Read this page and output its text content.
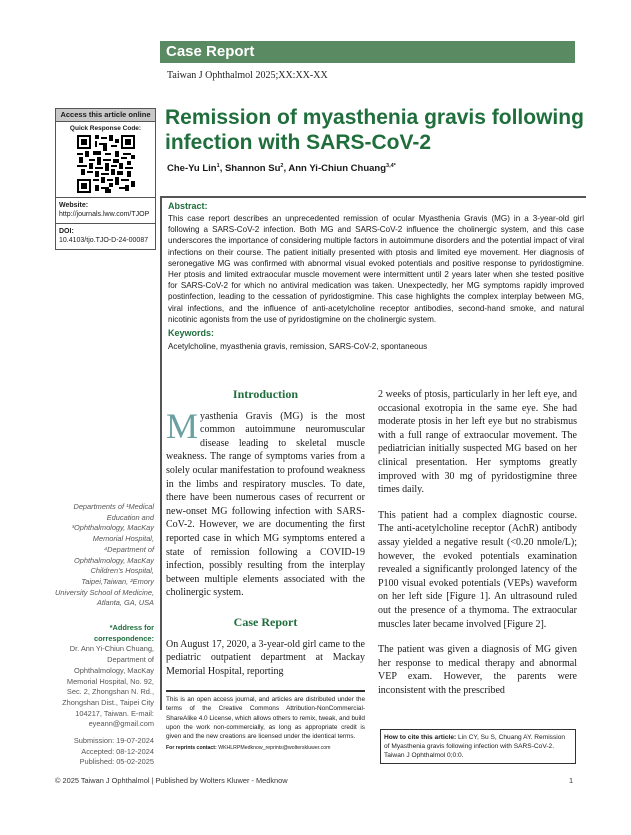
Case Report
Taiwan J Ophthalmol 2025;XX:XX-XX
Access this article online
Quick Response Code:
Website:
http://journals.lww.com/TJOP
DOI:
10.4103/tjo.TJO-D-24-00087
Remission of myasthenia gravis following infection with SARS-CoV-2
Che-Yu Lin$^1$, Shannon Su$^2$, Ann Yi-Chiun Chuang$^{3,4*}$
Abstract:
This case report describes an unprecedented remission of ocular Myasthenia Gravis (MG) in a 3-year-old girl following a SARS-CoV-2 infection. Both MG and SARS-CoV-2 influence the cholinergic system, and this case underscores the importance of considering multiple factors in autoimmune disorders and the potential impact of viral infections on their course. The patient initially presented with ptosis and limited eye movement. Her diagnosis of seronegative MG was confirmed with abnormal visual evoked potentials and positive response to pyridostigmine. Her ptosis and limited extraocular muscle movement were intermittent until 2 years later when she tested positive for SARS-CoV-2 for which no antiviral medication was taken. Unexpectedly, her MG symptoms rapidly improved postinfection, leading to the cessation of pyridostigmine. This case highlights the complex interplay between MG, viral infections, and the influence of anti-acetylcholine receptor antibodies, second-hand smoke, and natural nicotinic agonists from the use of pyridostigmine on the cholinergic system.
Keywords:
Acetylcholine, myasthenia gravis, remission, SARS-CoV-2, spontaneous
Introduction
Myasthenia Gravis (MG) is the most common autoimmune neuromuscular disease leading to skeletal muscle weakness. The range of symptoms varies from a solely ocular manifestation to profound weakness in the limbs and respiratory muscles. To date, there have been numerous cases of recurrent or new-onset MG following infection with SARS-CoV-2. However, we are documenting the first reported case in which MG symptoms entered a state of remission following a COVID-19 infection, possibly resulting from the interplay between multiple elements associated with the cholinergic system.
Case Report
On August 17, 2020, a 3-year-old girl came to the pediatric outpatient department at Mackay Memorial Hospital, reporting
2 weeks of ptosis, particularly in her left eye, and occasional exotropia in the same eye. She had moderate ptosis in her left eye but no strabismus with a full range of extraocular movement. The pediatrician initially suspected MG based on her clinical presentation. Her symptoms greatly improved with 30 mg of pyridostigmine three times daily.
This patient had a complex diagnostic course. The anti-acetylcholine receptor (AchR) antibody assay yielded a negative result (<0.20 nmole/L); however, the evoked potentials examination revealed a significantly prolonged latency of the P100 visual evoked potentials (VEPs) waveform on her left side [Figure 1]. An ultrasound ruled out the presence of a thymoma. The extraocular muscles later became involved [Figure 2].
The patient was given a diagnosis of MG given her response to medical therapy and abnormal VEP exam. However, the parents were inconsistent with the prescribed
This is an open access journal, and articles are distributed under the terms of the Creative Commons Attribution-NonCommercial-ShareAlike 4.0 License, which allows others to remix, tweak, and build upon the work non-commercially, as long as appropriate credit is given and the new creations are licensed under the identical terms.
For reprints contact: WKHLRPMedknow_reprints@wolterskluwer.com
How to cite this article: Lin CY, Su S, Chuang AY. Remission of Myasthenia gravis following infection with SARS-CoV-2. Taiwan J Ophthalmol 0;0:0.
Departments of ¹Medical Education and ³Ophthalmology, MacKay Memorial Hospital, ⁴Department of Ophthalmology, MacKay Children's Hospital, Taipei,Taiwan, ²Emory University School of Medicine, Atlanta, GA, USA
*Address for correspondence:
Dr. Ann Yi-Chiun Chuang, Department of Ophthalmology, MacKay Memorial Hospital, No. 92, Sec. 2, Zhongshan N. Rd., Zhongshan Dist., Taipei City 104217, Taiwan. E-mail: eyeann@gmail.com
Submission: 19-07-2024
Accepted: 08-12-2024
Published: 05-02-2025
© 2025 Taiwan J Ophthalmol | Published by Wolters Kluwer - Medknow	1
